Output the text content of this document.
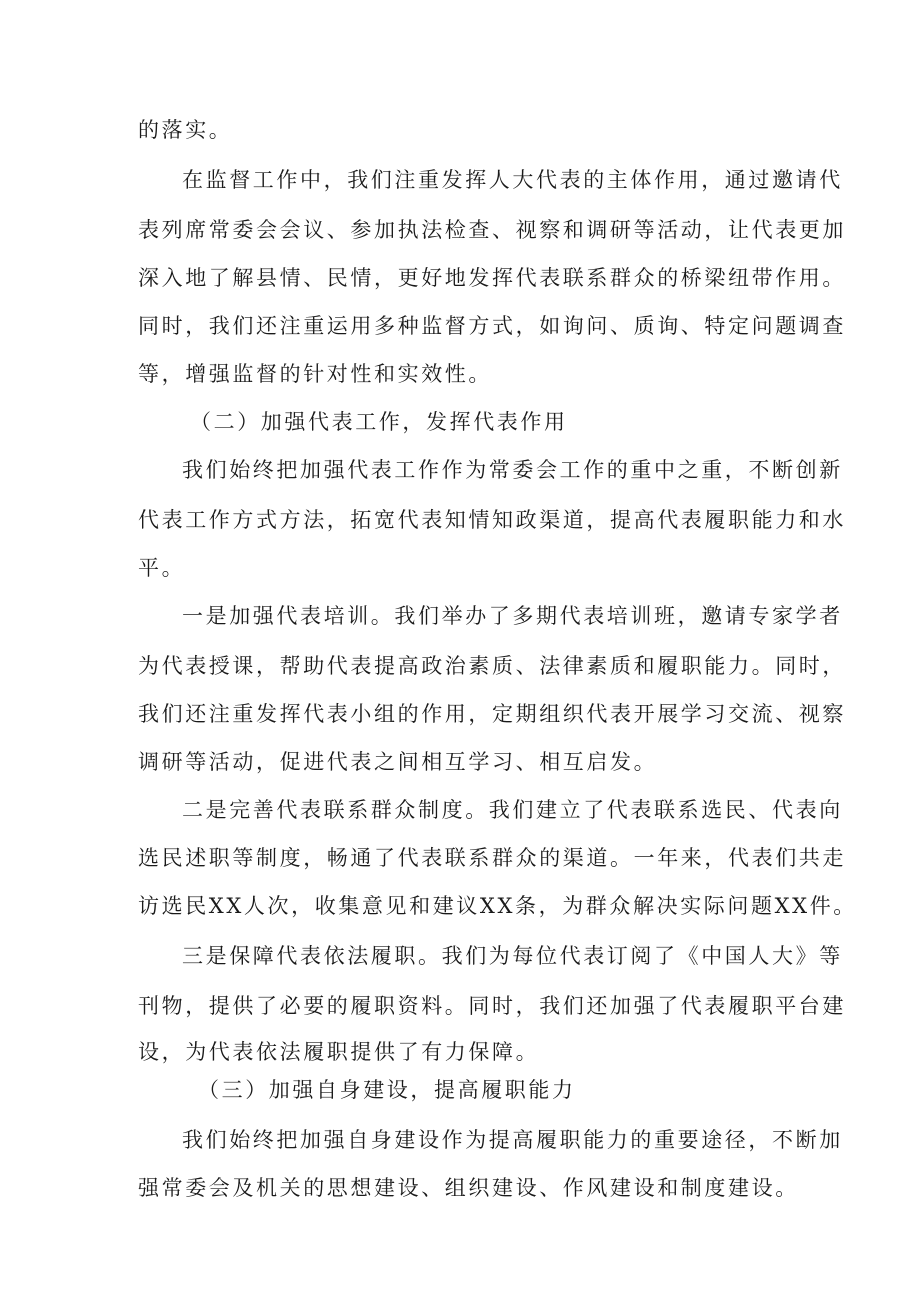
的落实。
在监督工作中，我们注重发挥人大代表的主体作用，通过邀请代
表列席常委会会议、参加执法检查、视察和调研等活动，让代表更加
深入地了解县情、民情，更好地发挥代表联系群众的桥梁纽带作用。
同时，我们还注重运用多种监督方式，如询问、质询、特定问题调查
等，增强监督的针对性和实效性。
（二）加强代表工作，发挥代表作用
我们始终把加强代表工作作为常委会工作的重中之重，不断创新
代表工作方式方法，拓宽代表知情知政渠道，提高代表履职能力和水
平。
一是加强代表培训。我们举办了多期代表培训班，邀请专家学者
为代表授课，帮助代表提高政治素质、法律素质和履职能力。同时，
我们还注重发挥代表小组的作用，定期组织代表开展学习交流、视察
调研等活动，促进代表之间相互学习、相互启发。
二是完善代表联系群众制度。我们建立了代表联系选民、代表向
选民述职等制度，畅通了代表联系群众的渠道。一年来，代表们共走
访选民XX人次，收集意见和建议XX条，为群众解决实际问题XX件。
三是保障代表依法履职。我们为每位代表订阅了《中国人大》等
刊物，提供了必要的履职资料。同时，我们还加强了代表履职平台建
设，为代表依法履职提供了有力保障。
（三）加强自身建设，提高履职能力
我们始终把加强自身建设作为提高履职能力的重要途径，不断加
强常委会及机关的思想建设、组织建设、作风建设和制度建设。
